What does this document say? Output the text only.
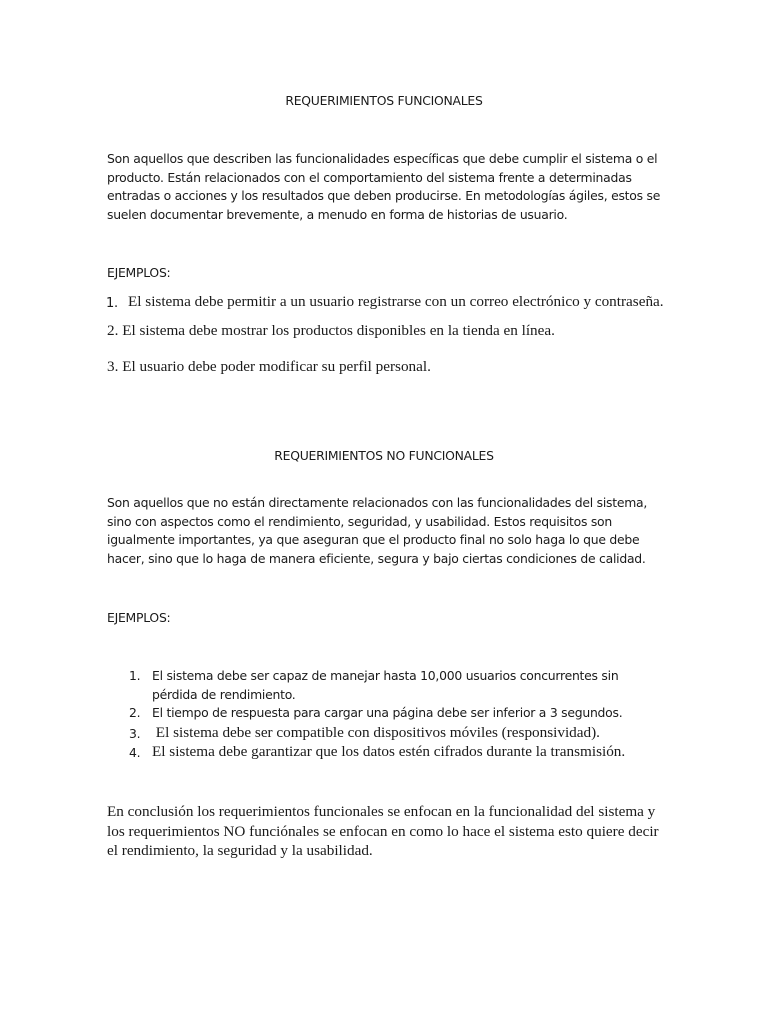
REQUERIMIENTOS FUNCIONALES

Son aquellos que describen las funcionalidades específicas que debe cumplir el sistema o el producto. Están relacionados con el comportamiento del sistema frente a determinadas entradas o acciones y los resultados que deben producirse. En metodologías ágiles, estos se suelen documentar brevemente, a menudo en forma de historias de usuario.

EJEMPLOS:

1. El sistema debe permitir a un usuario registrarse con un correo electrónico y contraseña.

2. El sistema debe mostrar los productos disponibles en la tienda en línea.

3. El usuario debe poder modificar su perfil personal.

REQUERIMIENTOS NO FUNCIONALES

Son aquellos que no están directamente relacionados con las funcionalidades del sistema, sino con aspectos como el rendimiento, seguridad, y usabilidad. Estos requisitos son igualmente importantes, ya que aseguran que el producto final no solo haga lo que debe hacer, sino que lo haga de manera eficiente, segura y bajo ciertas condiciones de calidad.

EJEMPLOS:

1. El sistema debe ser capaz de manejar hasta 10,000 usuarios concurrentes sin pérdida de rendimiento.
2. El tiempo de respuesta para cargar una página debe ser inferior a 3 segundos.
3. El sistema debe ser compatible con dispositivos móviles (responsividad).
4. El sistema debe garantizar que los datos estén cifrados durante la transmisión.

En conclusión los requerimientos funcionales se enfocan en la funcionalidad del sistema y los requerimientos NO funciónales se enfocan en como lo hace el sistema esto quiere decir el rendimiento, la seguridad y la usabilidad.
